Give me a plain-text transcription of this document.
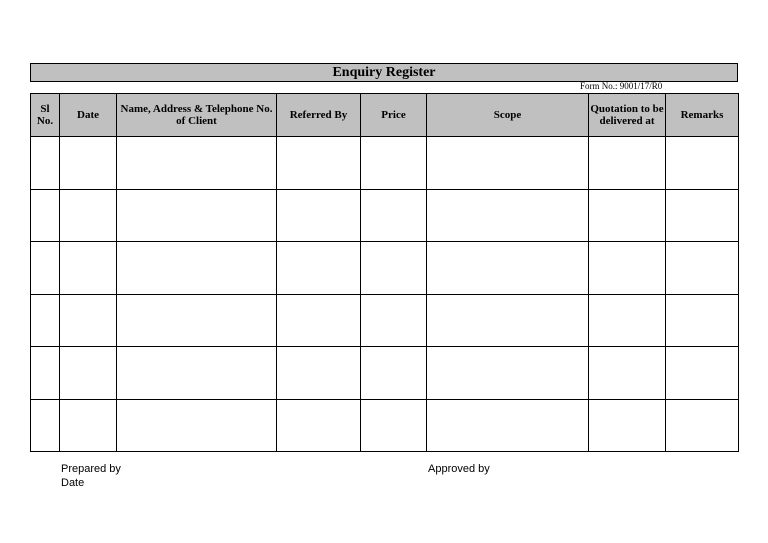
Enquiry Register
Form No.: 9001/17/R0
Sl No.	Date	Name, Address & Telephone No. of Client	Referred By	Price	Scope	Quotation to be delivered at	Remarks

Prepared by
Date
Approved by
